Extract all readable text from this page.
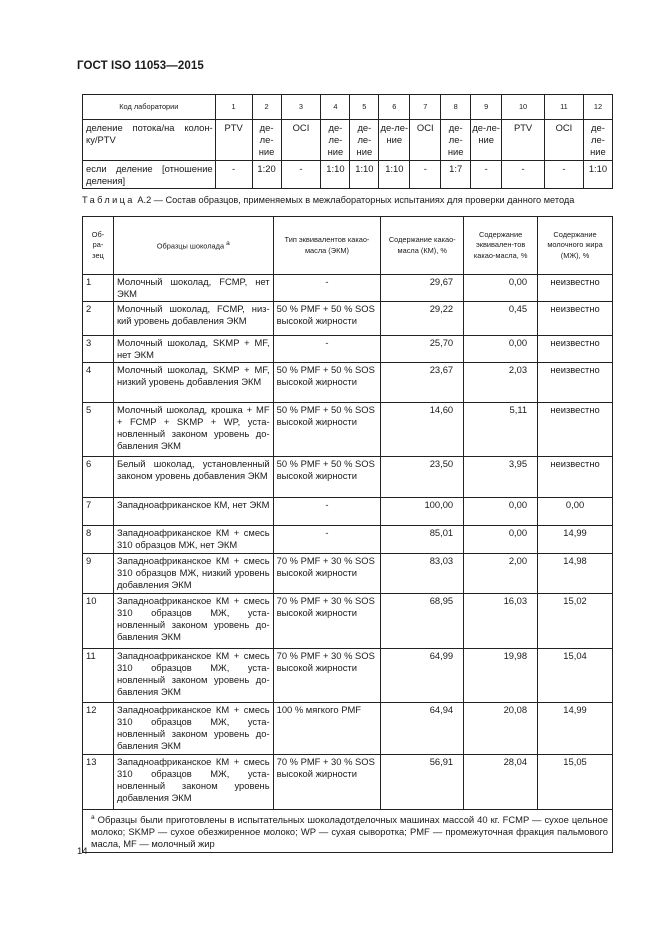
ГОСТ ISO 11053—2015
Код лаборатории	1	2	3	4	5	6	7	8	9	10	11	12
деление потока/на колон-ку/PTV	PTV	де-ле-ние	OCI	де-ле-ние	де-ле-ние	де-ле-ние	OCI	де-ле-ние	де-ле-ние	PTV	OCI	де-ле-ние
если деление [отношение деления]	-	1:20	-	1:10	1:10	1:10	-	1:7	-	-	-	1:10
Таблица А.2 — Состав образцов, применяемых в межлабораторных испытаниях для проверки данного метода
Об-ра-зец	Образцы шоколада $^а$	Тип эквивалентов какао-масла (ЭКМ)	Содержание какао-масла (КМ), %	Содержание эквивален-тов какао-масла, %	Содержание молочного жира (МЖ), %
1	Молочный шоколад, FCMP, нет ЭКМ	-	29,67	0,00	неизвестно
2	Молочный шоколад, FCMP, низ-кий уровень добавления ЭКМ	50 % PMF + 50 % SOS высокой жирности	29,22	0,45	неизвестно
3	Молочный шоколад, SKMP + MF, нет ЭКМ	-	25,70	0,00	неизвестно
4	Молочный шоколад, SKMP + MF, низкий уровень добавления ЭКМ	50 % PMF + 50 % SOS высокой жирности	23,67	2,03	неизвестно
5	Молочный шоколад, крошка + MF + FCMP + SKMP + WP, уста-новленный законом уровень до-бавления ЭКМ	50 % PMF + 50 % SOS высокой жирности	14,60	5,11	неизвестно
6	Белый шоколад, установленный законом уровень добавления ЭКМ	50 % PMF + 50 % SOS высокой жирности	23,50	3,95	неизвестно
7	Западноафриканское КМ, нет ЭКМ	-	100,00	0,00	0,00
8	Западноафриканское КМ + смесь 310 образцов МЖ, нет ЭКМ	-	85,01	0,00	14,99
9	Западноафриканское КМ + смесь 310 образцов МЖ, низкий уровень добавления ЭКМ	70 % PMF + 30 % SOS высокой жирности	83,03	2,00	14,98
10	Западноафриканское КМ + смесь 310 образцов МЖ, уста-новленный законом уровень до-бавления ЭКМ	70 % PMF + 30 % SOS высокой жирности	68,95	16,03	15,02
11	Западноафриканское КМ + смесь 310 образцов МЖ, уста-новленный законом уровень до-бавления ЭКМ	70 % PMF + 30 % SOS высокой жирности	64,99	19,98	15,04
12	Западноафриканское КМ + смесь 310 образцов МЖ, уста-новленный законом уровень до-бавления ЭКМ	100 % мягкого PMF	64,94	20,08	14,99
13	Западноафриканское КМ + смесь 310 образцов МЖ, уста-новленный законом уровень добавления ЭКМ	70 % PMF + 30 % SOS высокой жирности	56,91	28,04	15,05
$^а$ Образцы были приготовлены в испытательных шоколадотделочных машинах массой 40 кг. FCMP — сухое цельное молоко; SKMP — сухое обезжиренное молоко; WP — сухая сыворотка; PMF — промежуточная фракция пальмового масла, MF — молочный жир					
14
